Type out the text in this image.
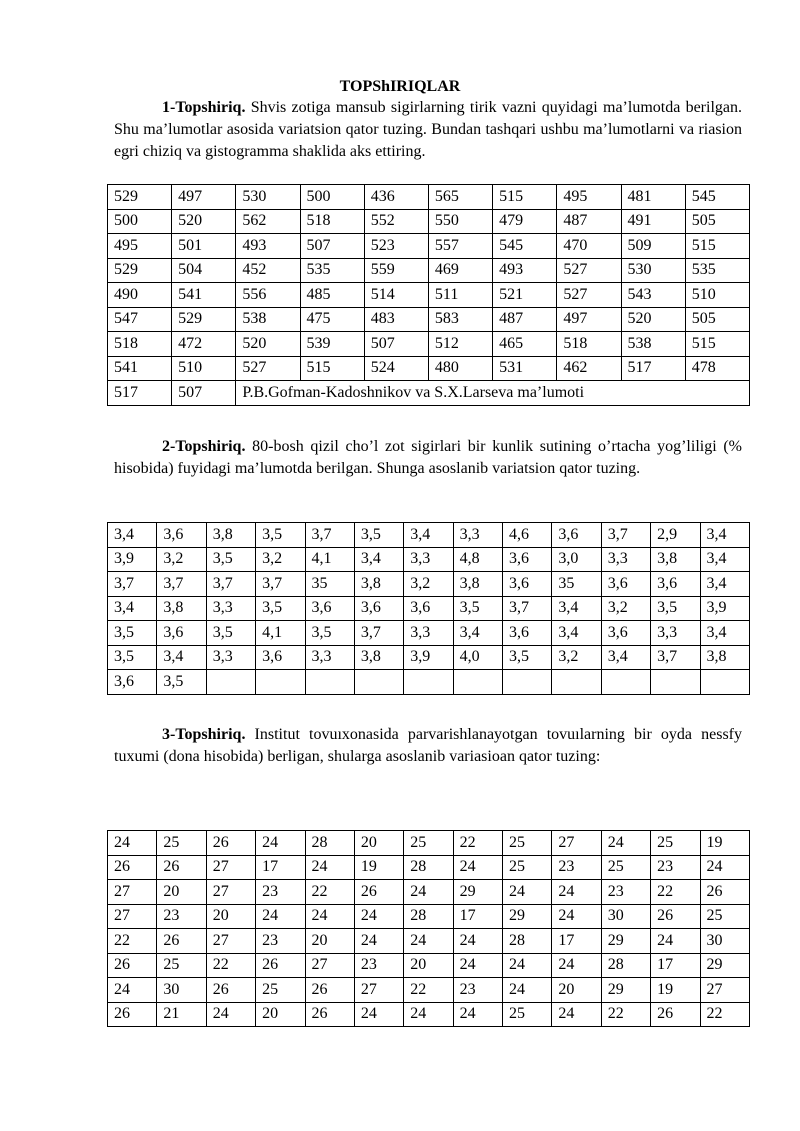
TOPShIRIQLAR

1-Topshiriq. Shvis zotiga mansub sigirlarning tirik vazni quyidagi ma’lumotda berilgan. Shu ma’lumotlar asosida variatsion qator tuzing. Bundan tashqari ushbu ma’lumotlarni va riasion egri chiziq va gistogramma shaklida aks ettiring.

529	497	530	500	436	565	515	495	481	545
500	520	562	518	552	550	479	487	491	505
495	501	493	507	523	557	545	470	509	515
529	504	452	535	559	469	493	527	530	535
490	541	556	485	514	511	521	527	543	510
547	529	538	475	483	583	487	497	520	505
518	472	520	539	507	512	465	518	538	515
541	510	527	515	524	480	531	462	517	478
517	507	P.B.Gofman-Kadoshnikov va S.X.Larseva ma’lumoti							

2-Topshiriq. 80-bosh qizil cho’l zot sigirlari bir kunlik sutining o’rtacha yog’liligi (% hisobida) fuyidagi ma’lumotda berilgan. Shunga asoslanib variatsion qator tuzing.

3,4	3,6	3,8	3,5	3,7	3,5	3,4	3,3	4,6	3,6	3,7	2,9	3,4
3,9	3,2	3,5	3,2	4,1	3,4	3,3	4,8	3,6	3,0	3,3	3,8	3,4
3,7	3,7	3,7	3,7	35	3,8	3,2	3,8	3,6	35	3,6	3,6	3,4
3,4	3,8	3,3	3,5	3,6	3,6	3,6	3,5	3,7	3,4	3,2	3,5	3,9
3,5	3,6	3,5	4,1	3,5	3,7	3,3	3,4	3,6	3,4	3,6	3,3	3,4
3,5	3,4	3,3	3,6	3,3	3,8	3,9	4,0	3,5	3,2	3,4	3,7	3,8
3,6	3,5											

3-Topshiriq. Institut tovuıxonasida parvarishlanayotgan tovuılarning bir oyda nessfy tuxumi (dona hisobida) berligan, shularga asoslanib variasioan qator tuzing:

24	25	26	24	28	20	25	22	25	27	24	25	19
26	26	27	17	24	19	28	24	25	23	25	23	24
27	20	27	23	22	26	24	29	24	24	23	22	26
27	23	20	24	24	24	28	17	29	24	30	26	25
22	26	27	23	20	24	24	24	28	17	29	24	30
26	25	22	26	27	23	20	24	24	24	28	17	29
24	30	26	25	26	27	22	23	24	20	29	19	27
26	21	24	20	26	24	24	24	25	24	22	26	22
